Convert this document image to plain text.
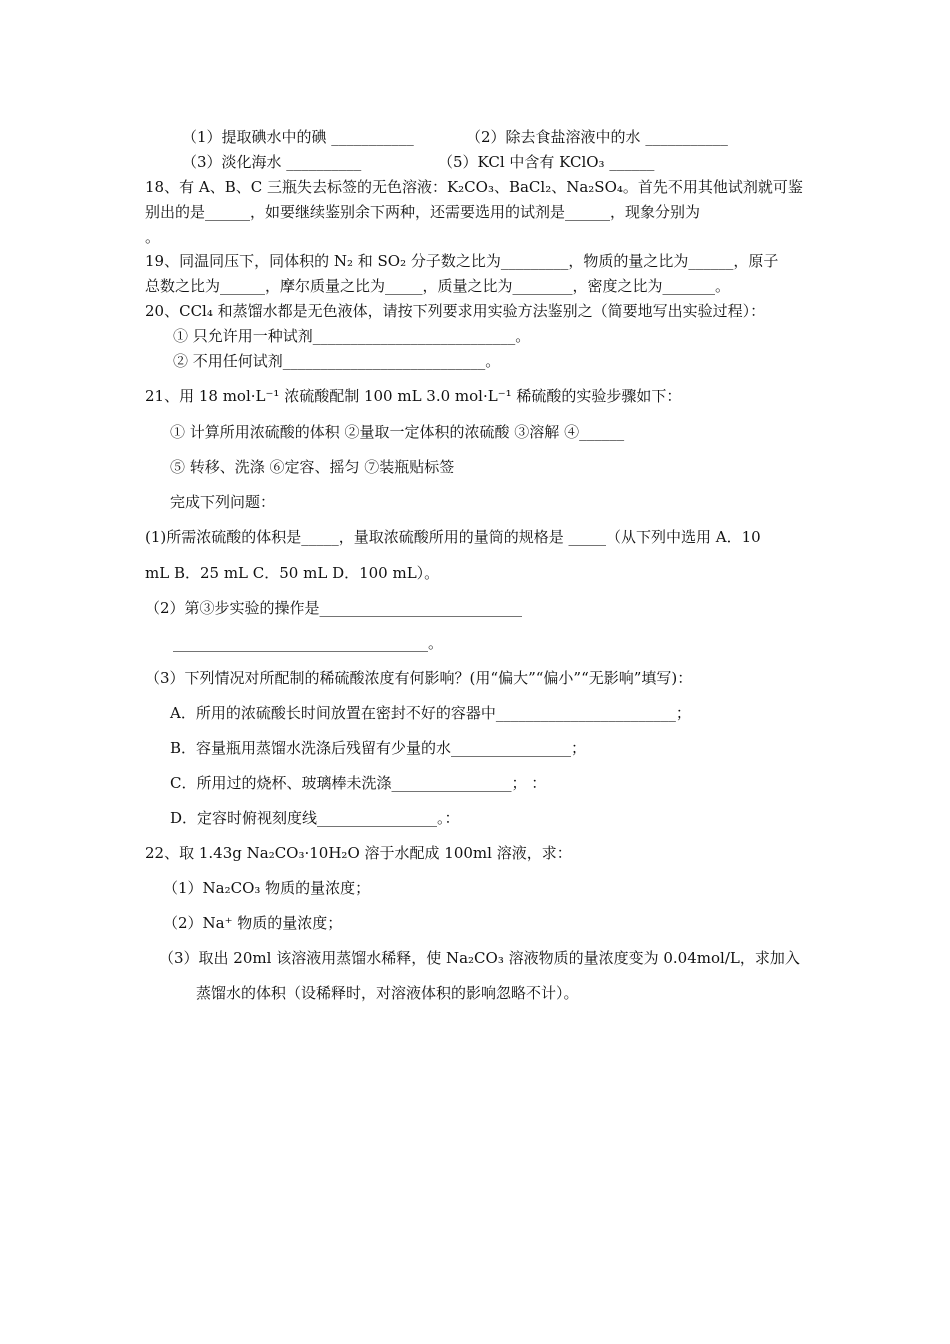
（1）提取碘水中的碘 ___________	（2）除去食盐溶液中的水 ___________
（3）淡化海水 __________	（5）KCl 中含有 KClO₃ ______
18、有 A、B、C 三瓶失去标签的无色溶液：K₂CO₃、BaCl₂、Na₂SO₄。首先不用其他试剂就可鉴
别出的是______，如要继续鉴别余下两种，还需要选用的试剂是______，现象分别为
。
19、同温同压下，同体积的 N₂ 和 SO₂ 分子数之比为_________，物质的量之比为______，原子
总数之比为______，摩尔质量之比为_____，质量之比为________，密度之比为_______。
20、CCl₄ 和蒸馏水都是无色液体，请按下列要求用实验方法鉴别之（简要地写出实验过程）：
① 只允许用一种试剂___________________________。
② 不用任何试剂___________________________。
21、用 18 mol·L⁻¹ 浓硫酸配制 100 mL 3.0 mol·L⁻¹ 稀硫酸的实验步骤如下：
① 计算所用浓硫酸的体积 ②量取一定体积的浓硫酸 ③溶解 ④______
⑤ 转移、洗涤 ⑥定容、摇匀 ⑦装瓶贴标签
完成下列问题：
(1)所需浓硫酸的体积是_____，量取浓硫酸所用的量筒的规格是 _____（从下列中选用 A．10
mL B．25 mL C．50 mL D．100 mL）。
（2）第③步实验的操作是___________________________
__________________________________。
（3）下列情况对所配制的稀硫酸浓度有何影响？(用“偏大”“偏小”“无影响”填写)：
A．所用的浓硫酸长时间放置在密封不好的容器中________________________；
B．容量瓶用蒸馏水洗涤后残留有少量的水________________；
C．所用过的烧杯、玻璃棒未洗涤________________； ：
D．定容时俯视刻度线________________。：
22、取 1.43g Na₂CO₃·10H₂O 溶于水配成 100ml 溶液，求：
（1）Na₂CO₃ 物质的量浓度；
（2）Na⁺ 物质的量浓度；
（3）取出 20ml 该溶液用蒸馏水稀释，使 Na₂CO₃ 溶液物质的量浓度变为 0.04mol/L，求加入
蒸馏水的体积（设稀释时，对溶液体积的影响忽略不计）。
